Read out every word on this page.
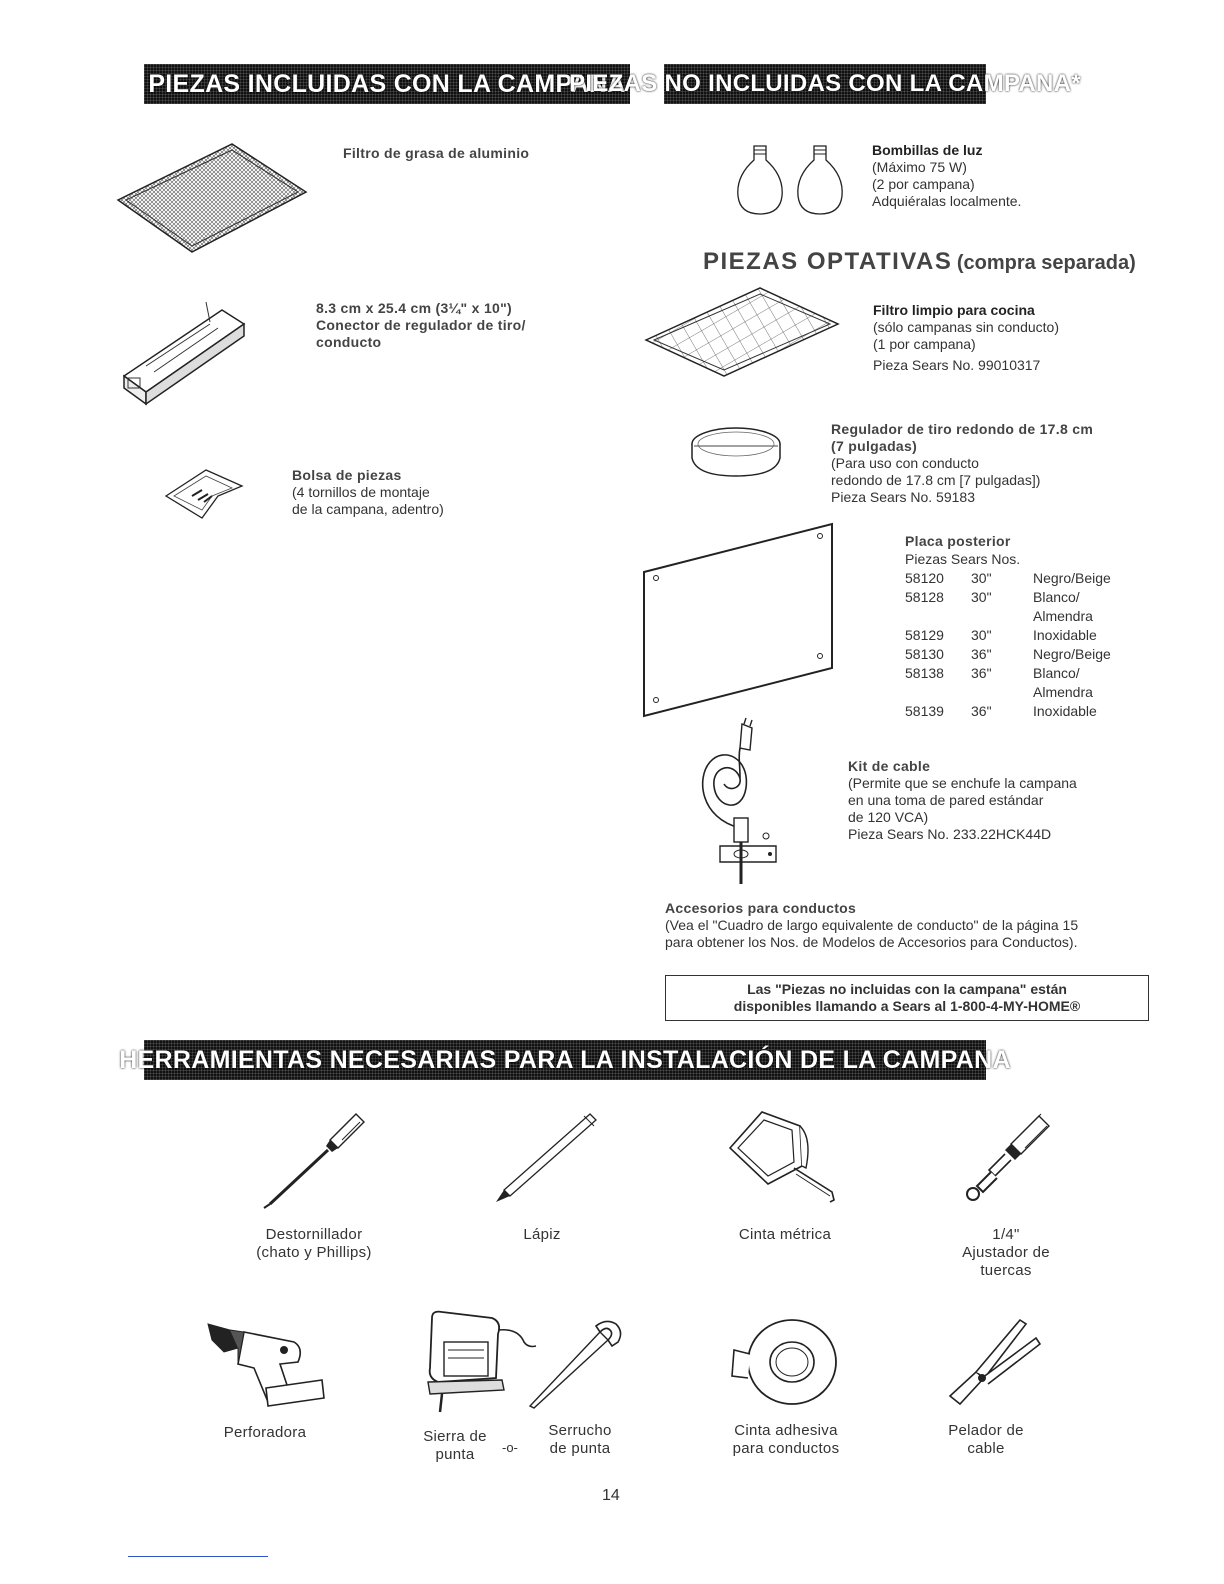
PIEZAS INCLUIDAS CON LA CAMPANA
PIEZAS NO INCLUIDAS CON LA CAMPANA*
Filtro de grasa de aluminio
8.3 cm x 25.4 cm (3¼" x 10")
Conector de regulador de tiro/
conducto
Bolsa de piezas
(4 tornillos de montaje
de la campana, adentro)
Bombillas de luz
(Máximo 75 W)
(2 por campana)
Adquiéralas localmente.
PIEZAS OPTATIVAS (compra separada)
Filtro limpio para cocina
(sólo campanas sin conducto)
(1 por campana)
Pieza Sears No. 99010317
Regulador de tiro redondo de 17.8 cm
(7 pulgadas)
(Para uso con conducto
redondo de 17.8 cm [7 pulgadas])
Pieza Sears No. 59183
Placa posterior
Piezas Sears Nos.
58120	30"	Negro/Beige
58128	30"	Blanco/
Almendra
58129	30"	Inoxidable
58130	36"	Negro/Beige
58138	36"	Blanco/
Almendra
58139	36"	Inoxidable
Kit de cable
(Permite que se enchufe la campana
en una toma de pared estándar
de 120 VCA)
Pieza Sears No. 233.22HCK44D
Accesorios para conductos
(Vea el "Cuadro de largo equivalente de conducto" de la página 15
para obtener los Nos. de Modelos de Accesorios para Conductos).
Las "Piezas no incluidas con la campana" están
disponibles llamando a Sears al 1-800-4-MY-HOME®
HERRAMIENTAS NECESARIAS PARA LA INSTALACIÓN DE LA CAMPANA
Destornillador
(chato y Phillips)
Lápiz	Cinta métrica	1/4"
Ajustador de
tuercas
Perforadora	Sierra de
punta	-o-
Serrucho
de punta
Cinta adhesiva
para conductos
Pelador de
cable
14
